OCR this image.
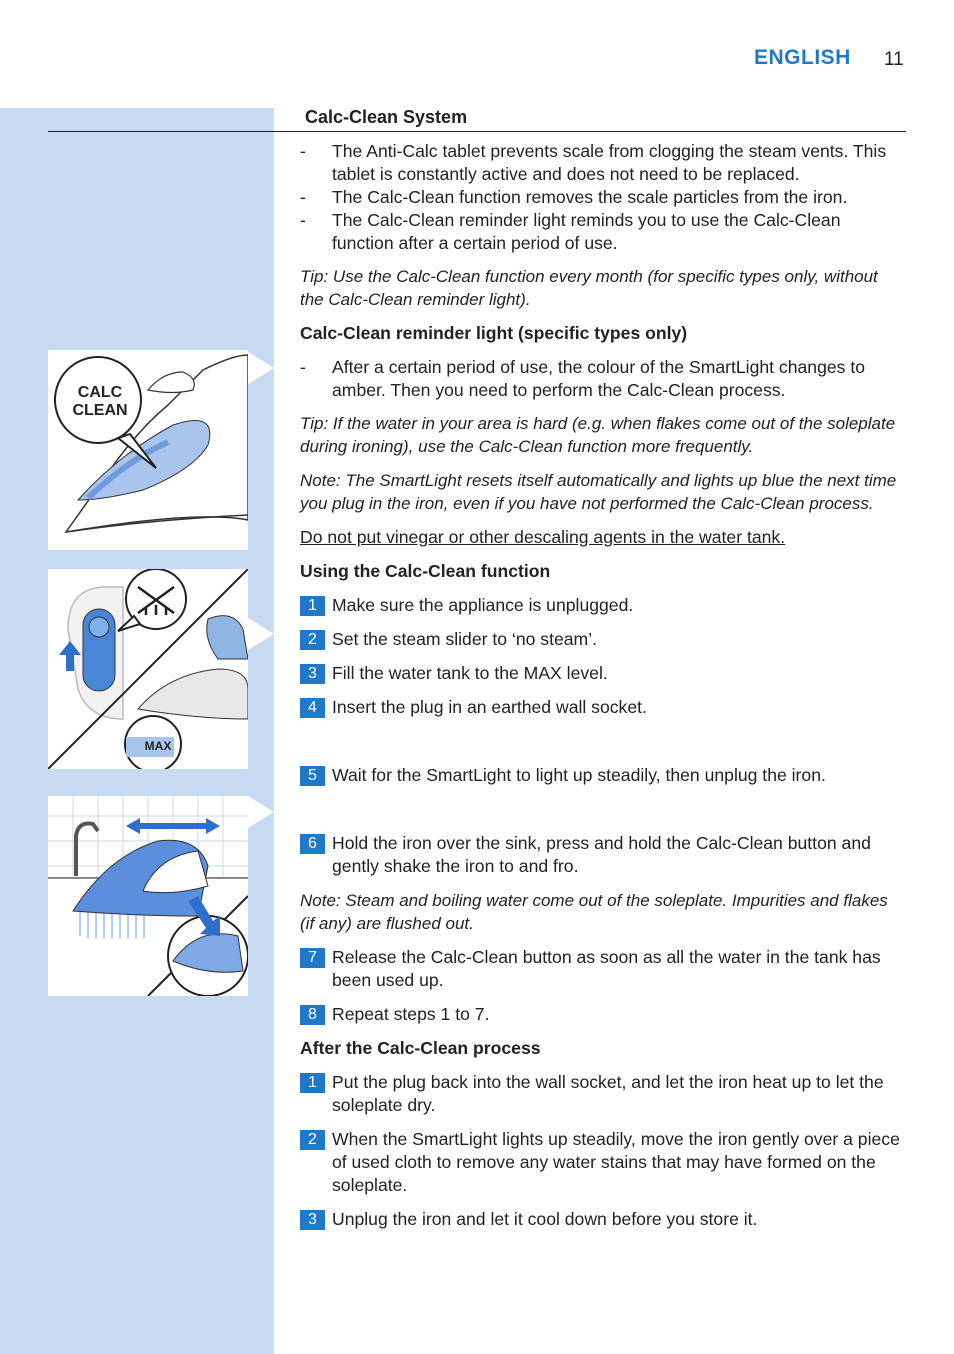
ENGLISH 11
Calc-Clean System
CALC
CLEAN
MAX
- The Anti-Calc tablet prevents scale from clogging the steam vents. This tablet is constantly active and does not need to be replaced.
- The Calc-Clean function removes the scale particles from the iron.
- The Calc-Clean reminder light reminds you to use the Calc-Clean function after a certain period of use.

Tip: Use the Calc-Clean function every month (for specific types only, without the Calc-Clean reminder light).

Calc-Clean reminder light (specific types only)

- After a certain period of use, the colour of the SmartLight changes to amber. Then you need to perform the Calc-Clean process.

Tip: If the water in your area is hard (e.g. when flakes come out of the soleplate during ironing), use the Calc-Clean function more frequently.

Note: The SmartLight resets itself automatically and lights up blue the next time you plug in the iron, even if you have not performed the Calc-Clean process.

Do not put vinegar or other descaling agents in the water tank.

Using the Calc-Clean function

1 Make sure the appliance is unplugged.
2 Set the steam slider to ‘no steam’.
3 Fill the water tank to the MAX level.
4 Insert the plug in an earthed wall socket.
5 Wait for the SmartLight to light up steadily, then unplug the iron.
6 Hold the iron over the sink, press and hold the Calc-Clean button and gently shake the iron to and fro.

Note: Steam and boiling water come out of the soleplate. Impurities and flakes (if any) are flushed out.

7 Release the Calc-Clean button as soon as all the water in the tank has been used up.
8 Repeat steps 1 to 7.

After the Calc-Clean process

1 Put the plug back into the wall socket, and let the iron heat up to let the soleplate dry.
2 When the SmartLight lights up steadily, move the iron gently over a piece of used cloth to remove any water stains that may have formed on the soleplate.
3 Unplug the iron and let it cool down before you store it.
